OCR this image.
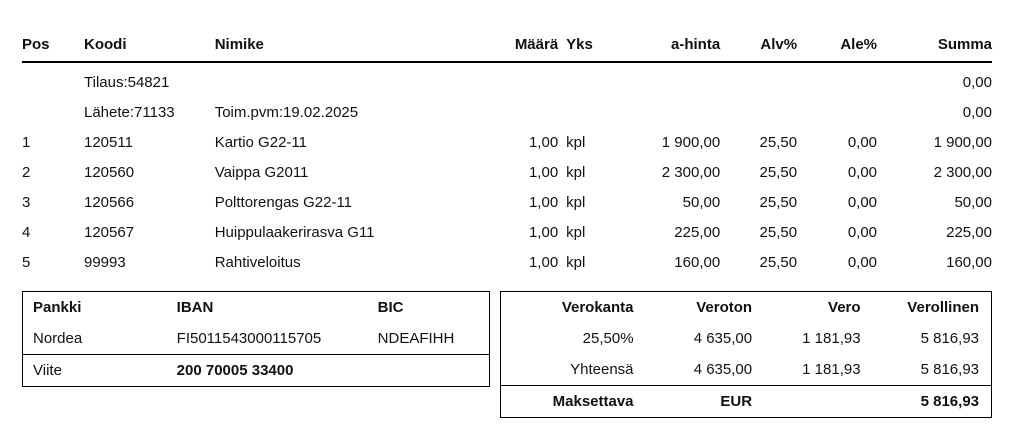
Pos	Koodi	Nimike	Määrä	Yks	a-hinta	Alv%	Ale%	Summa
	Tilaus:54821							0,00
	Lähete:71133	Toim.pvm:19.02.2025						0,00
1	120511	Kartio G22-11	1,00	kpl	1 900,00	25,50	0,00	1 900,00
2	120560	Vaippa G2011	1,00	kpl	2 300,00	25,50	0,00	2 300,00
3	120566	Polttorengas G22-11	1,00	kpl	50,00	25,50	0,00	50,00
4	120567	Huippulaakerirasva G11	1,00	kpl	225,00	25,50	0,00	225,00
5	99993	Rahtiveloitus	1,00	kpl	160,00	25,50	0,00	160,00
Pankki	IBAN	BIC
Nordea	FI5011543000115705	NDEAFIHH
Viite	200 70005 33400	
Verokanta	Veroton	Vero	Verollinen
25,50%	4 635,00	1 181,93	5 816,93
Yhteensä	4 635,00	1 181,93	5 816,93
Maksettava	EUR		5 816,93
